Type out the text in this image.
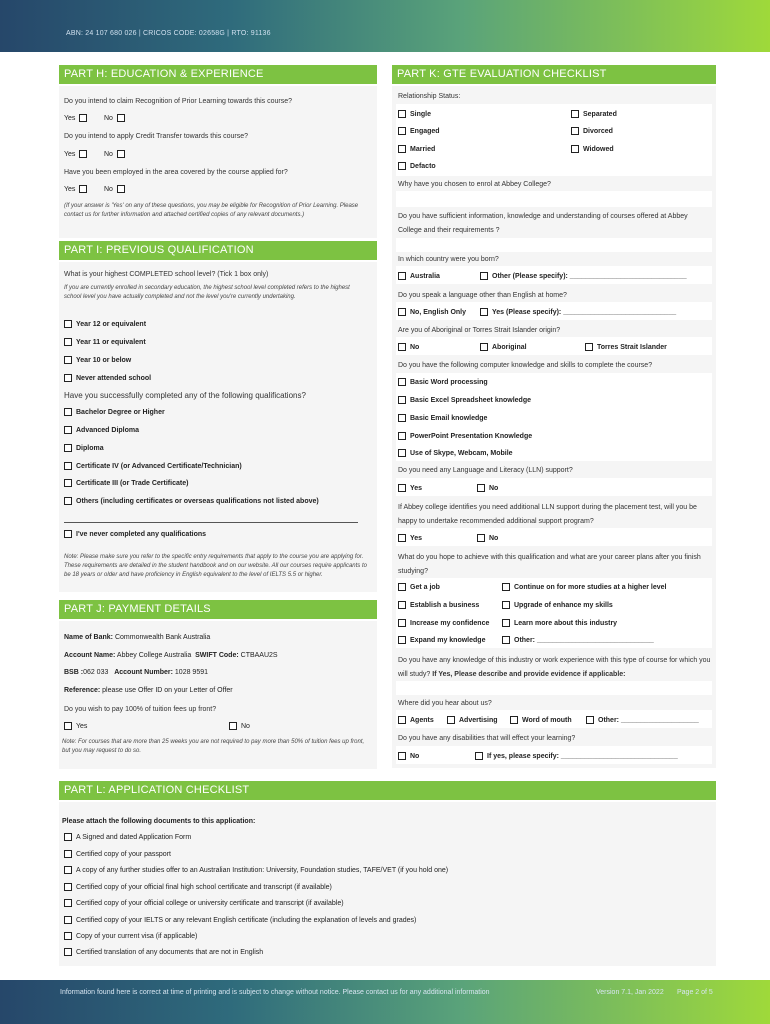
ABN: 24 107 680 026 | CRICOS CODE: 02658G | RTO: 91136
PART H: EDUCATION & EXPERIENCE
Do you intend to claim Recognition of Prior Learning towards this course?
Yes	No
Do you intend to apply Credit Transfer towards this course?
Yes	No
Have you been employed in the area covered by the course applied for?
Yes	No
(If your answer is 'Yes' on any of these questions, you may be eligible for Recognition of Prior Learning. Please contact us for further information and attached certified copies of any relevant documents.)
PART I: PREVIOUS QUALIFICATION
What is your highest COMPLETED school level? (Tick 1 box only)
If you are currently enrolled in secondary education, the highest school level completed refers to the highest school level you have actually completed and not the level you're currently undertaking.
Year 12 or equivalent
Year 11 or equivalent
Year 10 or below
Never attended school
Have you successfully completed any of the following qualifications?
Bachelor Degree or Higher
Advanced Diploma
Diploma
Certificate IV (or Advanced Certificate/Technician)
Certificate III (or Trade Certificate)
Others (including certificates or overseas qualifications not listed above)
I've never completed any qualifications
Note: Please make sure you refer to the specific entry requirements that apply to the course you are applying for. These requirements are detailed in the student handbook and on our website. All our courses require applicants to be 18 years or older and have proficiency in English equivalent to the level of IELTS 5.5 or higher.
PART J: PAYMENT DETAILS
Name of Bank: Commonwealth Bank Australia
Account Name: Abbey College Australia SWIFT Code: CTBAAU2S
BSB :062 033 Account Number: 1028 9591
Reference: please use Offer ID on your Letter of Offer
Do you wish to pay 100% of tuition fees up front?
Yes	No
Note: For courses that are more than 25 weeks you are not required to pay more than 50% of tuition fees up front, but you may request to do so.
PART K: GTE EVALUATION CHECKLIST
Relationship Status:
Single	Separated
Engaged	Divorced
Married	Widowed
Defacto
Why have you chosen to enrol at Abbey College?
Do you have sufficient information, knowledge and understanding of courses offered at Abbey College and their requirements ?
In which country were you born?
Australia	Other (Please specify): ______________________________
Do you speak a language other than English at home?
No, English Only	Yes (Please specify): _____________________________
Are you of Aboriginal or Torres Strait Islander origin?
No	Aboriginal	Torres Strait Islander
Do you have the following computer knowledge and skills to complete the course?
Basic Word processing
Basic Excel Spreadsheet knowledge
Basic Email knowledge
PowerPoint Presentation Knowledge
Use of Skype, Webcam, Mobile
Do you need any Language and Literacy (LLN) support?
Yes	No
If Abbey college identifies you need additional LLN support during the placement test, will you be happy to undertake recommended additional support program?
Yes	No
What do you hope to achieve with this qualification and what are your career plans after you finish studying?
Get a job	Continue on for more studies at a higher level
Establish a business	Upgrade of enhance my skills
Increase my confidence	Learn more about this industry
Expand my knowledge	Other: ______________________________
Do you have any knowledge of this industry or work experience with this type of course for which you will study? If Yes, Please describe and provide evidence if applicable:
Where did you hear about us?
Agents	Advertising	Word of mouth	Other: ____________________
Do you have any disabilities that will effect your learning?
No	If yes, please specify: ______________________________
PART L: APPLICATION CHECKLIST
Please attach the following documents to this application:
A Signed and dated Application Form
Certified copy of your passport
A copy of any further studies offer to an Australian Institution: University, Foundation studies, TAFE/VET (if you hold one)
Certified copy of your official final high school certificate and transcript (if available)
Certified copy of your official college or university certificate and transcript (if available)
Certified copy of your IELTS or any relevant English certificate (including the explanation of levels and grades)
Copy of your current visa (if applicable)
Certified translation of any documents that are not in English
Information found here is correct at time of printing and is subject to change without notice. Please contact us for any additional information	Version 7.1, Jan 2022 Page 2 of 5
